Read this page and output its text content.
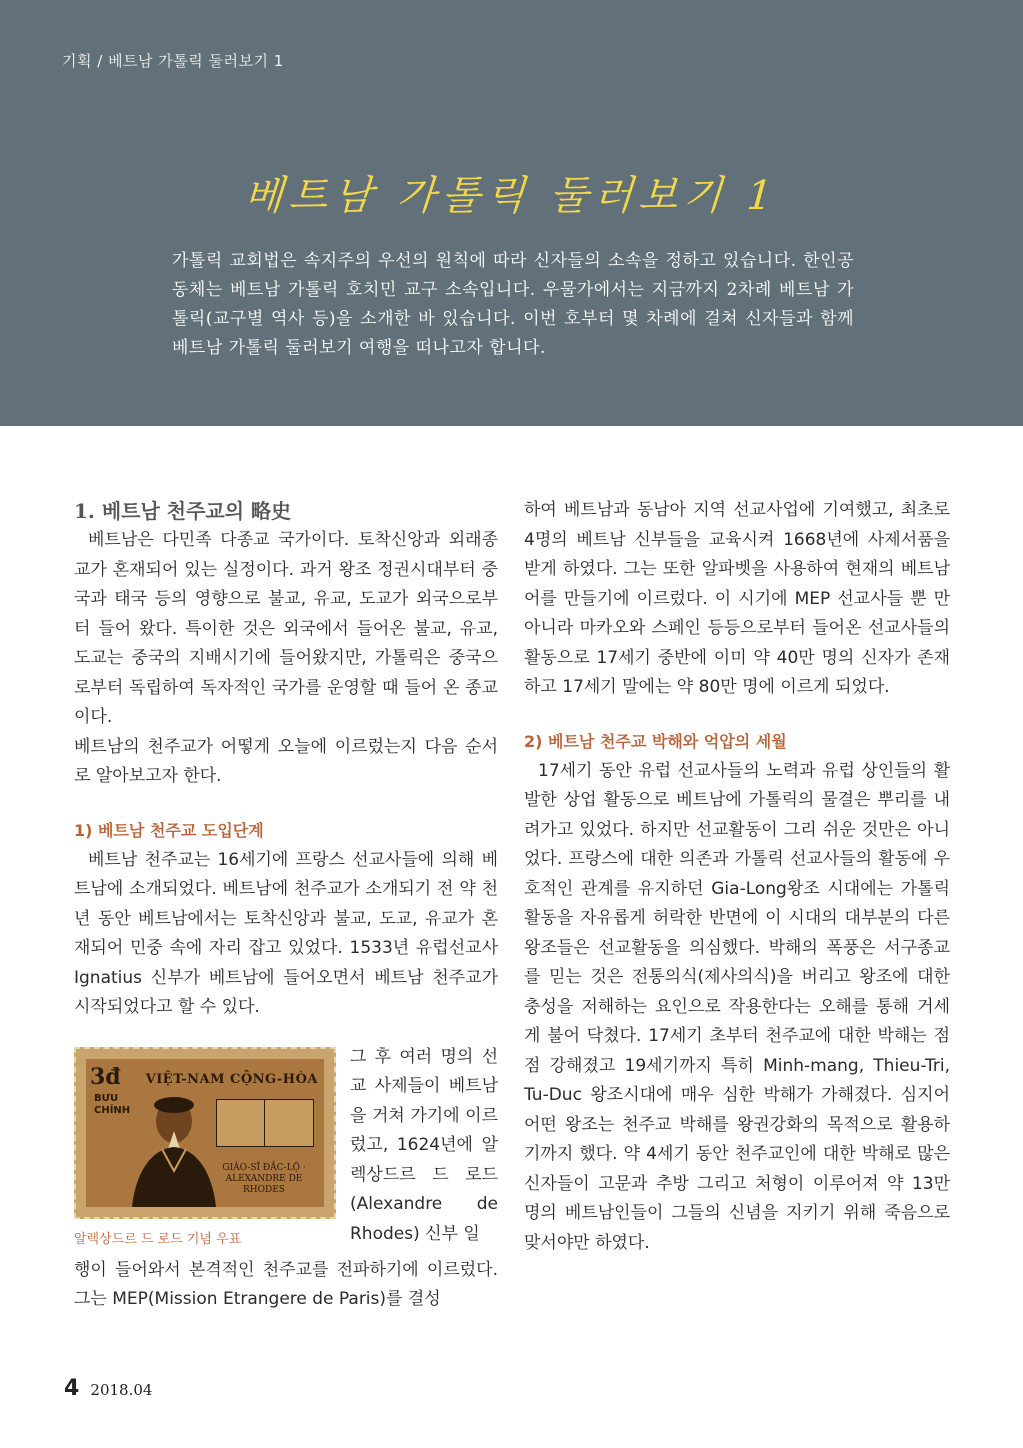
기획 / 베트남 가톨릭 둘러보기 1
베트남 가톨릭 둘러보기 1
가톨릭 교회법은 속지주의 우선의 원칙에 따라 신자들의 소속을 정하고 있습니다. 한인공동체는 베트남 가톨릭 호치민 교구 소속입니다. 우물가에서는 지금까지 2차례 베트남 가톨릭(교구별 역사 등)을 소개한 바 있습니다. 이번 호부터 몇 차례에 걸쳐 신자들과 함께 베트남 가톨릭 둘러보기 여행을 떠나고자 합니다.

1. 베트남 천주교의 略史

베트남은 다민족 다종교 국가이다. 토착신앙과 외래종교가 혼재되어 있는 실정이다. 과거 왕조 정권시대부터 중국과 태국 등의 영향으로 불교, 유교, 도교가 외국으로부터 들어 왔다. 특이한 것은 외국에서 들어온 불교, 유교, 도교는 중국의 지배시기에 들어왔지만, 가톨릭은 중국으로부터 독립하여 독자적인 국가를 운영할 때 들어 온 종교이다.

베트남의 천주교가 어떻게 오늘에 이르렀는지 다음 순서로 알아보고자 한다.

1) 베트남 천주교 도입단계

베트남 천주교는 16세기에 프랑스 선교사들에 의해 베트남에 소개되었다. 베트남에 천주교가 소개되기 전 약 천년 동안 베트남에서는 토착신앙과 불교, 도교, 유교가 혼재되어 민중 속에 자리 잡고 있었다. 1533년 유럽선교사 Ignatius 신부가 베트남에 들어오면서 베트남 천주교가 시작되었다고 할 수 있다.

3đ VIỆT-NAM CỘNG-HÒA
BƯU CHÍNH
GIÁO-SĨ ĐẮC-LỘ · ALEXANDRE DE RHODES
알렉상드르 드 로드 기념 우표
그 후 여러 명의 선교 사제들이 베트남을 거쳐 가기에 이르렀고, 1624년에 알렉상드르 드 로드(Alexandre de Rhodes) 신부 일

행이 들어와서 본격적인 천주교를 전파하기에 이르렀다. 그는 MEP(Mission Etrangere de Paris)를 결성

하여 베트남과 동남아 지역 선교사업에 기여했고, 최초로 4명의 베트남 신부들을 교육시켜 1668년에 사제서품을 받게 하였다. 그는 또한 알파벳을 사용하여 현재의 베트남어를 만들기에 이르렀다. 이 시기에 MEP 선교사들 뿐 만 아니라 마카오와 스페인 등등으로부터 들어온 선교사들의 활동으로 17세기 중반에 이미 약 40만 명의 신자가 존재하고 17세기 말에는 약 80만 명에 이르게 되었다.

2) 베트남 천주교 박해와 억압의 세월

17세기 동안 유럽 선교사들의 노력과 유럽 상인들의 활발한 상업 활동으로 베트남에 가톨릭의 물결은 뿌리를 내려가고 있었다. 하지만 선교활동이 그리 쉬운 것만은 아니었다. 프랑스에 대한 의존과 가톨릭 선교사들의 활동에 우호적인 관계를 유지하던 Gia-Long왕조 시대에는 가톨릭 활동을 자유롭게 허락한 반면에 이 시대의 대부분의 다른 왕조들은 선교활동을 의심했다. 박해의 폭풍은 서구종교를 믿는 것은 전통의식(제사의식)을 버리고 왕조에 대한 충성을 저해하는 요인으로 작용한다는 오해를 통해 거세게 불어 닥쳤다. 17세기 초부터 천주교에 대한 박해는 점점 강해졌고 19세기까지 특히 Minh-mang, Thieu-Tri, Tu-Duc 왕조시대에 매우 심한 박해가 가해졌다. 심지어 어떤 왕조는 천주교 박해를 왕권강화의 목적으로 활용하기까지 했다. 약 4세기 동안 천주교인에 대한 박해로 많은 신자들이 고문과 추방 그리고 처형이 이루어져 약 13만 명의 베트남인들이 그들의 신념을 지키기 위해 죽음으로 맞서야만 하였다.

4 2018.04
